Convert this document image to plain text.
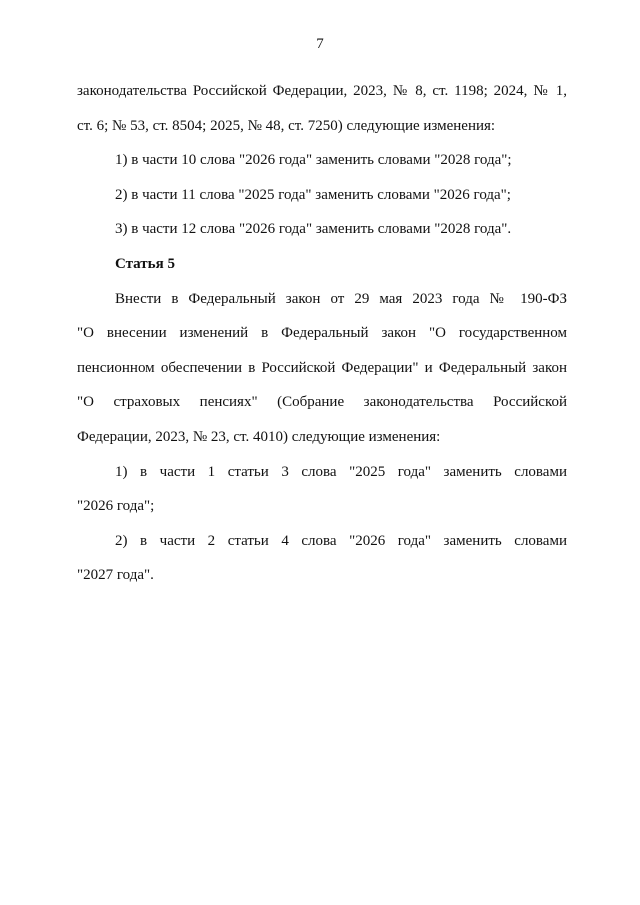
7
законодательства Российской Федерации, 2023, № 8, ст. 1198; 2024, № 1,
ст. 6; № 53, ст. 8504; 2025, № 48, ст. 7250) следующие изменения:
1) в части 10 слова "2026 года" заменить словами "2028 года";
2) в части 11 слова "2025 года" заменить словами "2026 года";
3) в части 12 слова "2026 года" заменить словами "2028 года".
Статья 5
Внести в Федеральный закон от 29 мая 2023 года № 190-ФЗ
"О внесении изменений в Федеральный закон "О государственном
пенсионном обеспечении в Российской Федерации" и Федеральный закон
"О страховых пенсиях" (Собрание законодательства Российской
Федерации, 2023, № 23, ст. 4010) следующие изменения:
1) в части 1 статьи 3 слова "2025 года" заменить словами
"2026 года";
2) в части 2 статьи 4 слова "2026 года" заменить словами
"2027 года".
